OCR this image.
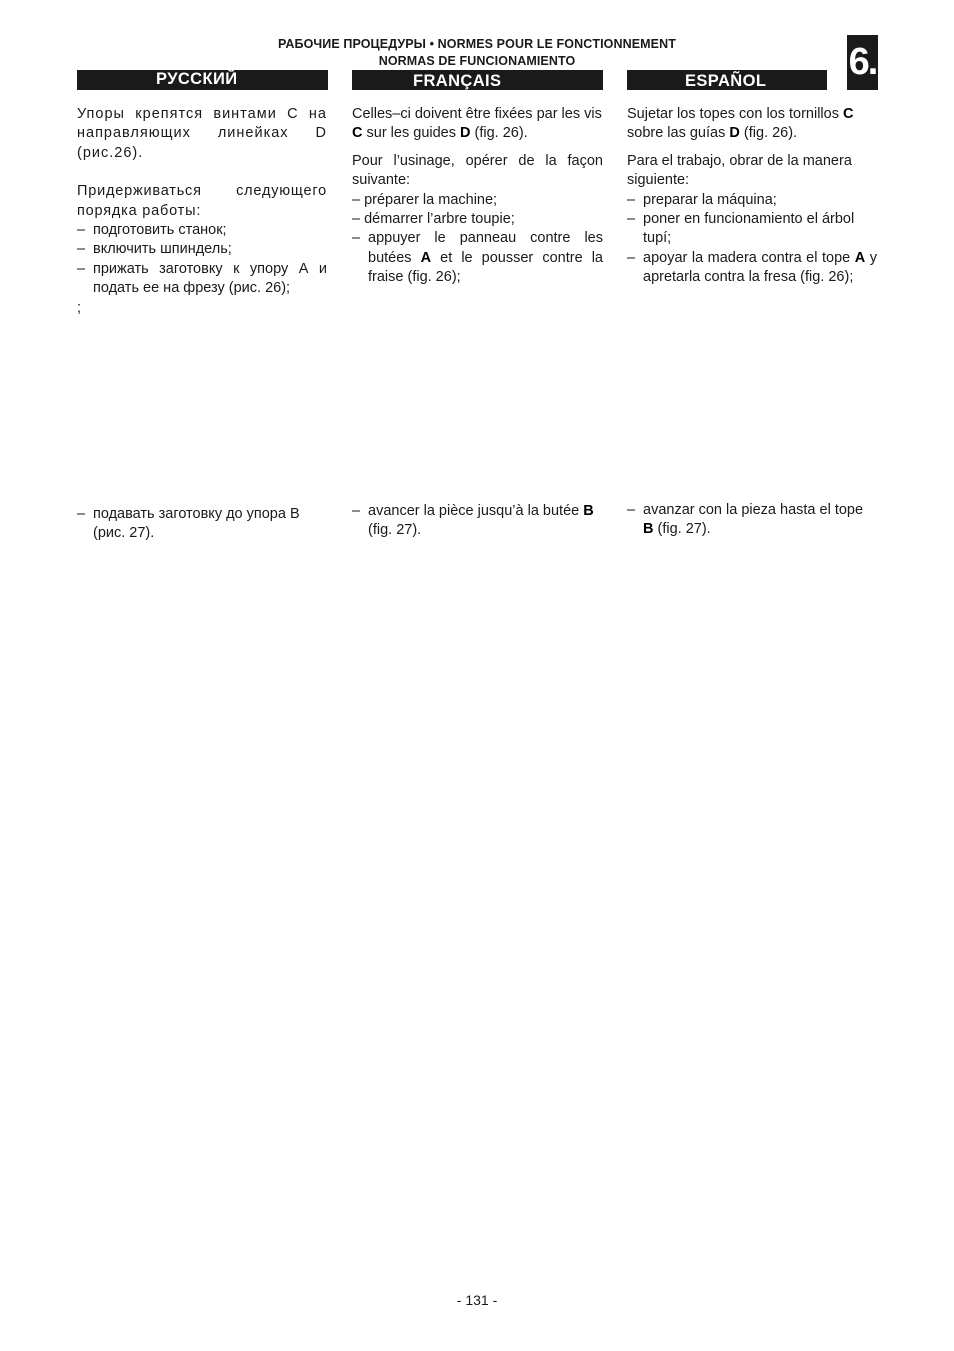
РАБОЧИЕ ПРОЦЕДУРЫ • NORMES POUR LE FONCTIONNEMENT
NORMAS DE FUNCIONAMIENTO	6.
РУССКИЙ	FRANÇAIS	ESPAÑOL

Упоры крепятся винтами С на направляющих линейках D (рис.26).

Придерживаться следующего порядка работы:

– подготовить станок;
– включить шпиндель;
– прижать заготовку к упору А и подать ее на фрезу (рис. 26);

;

– подавать заготовку до упора В (рис. 27).

Celles–ci doivent être fixées par les vis C sur les guides D (fig. 26).

Pour l’usinage, opérer de la façon suivante:

– préparer la machine;

– démarrer l’arbre toupie;

– appuyer le panneau contre les butées A et le pousser contre la fraise (fig. 26);
– avancer la pièce jusqu’à la butée B (fig. 27).

Sujetar los topes con los tornillos C sobre las guías D (fig. 26).

Para el trabajo, obrar de la manera siguiente:

– preparar la máquina;
– poner en funcionamiento el árbol tupí;
– apoyar la madera contra el tope A y apretarla contra la fresa (fig. 26);
– avanzar con la pieza hasta el tope B (fig. 27).
- 131 -
